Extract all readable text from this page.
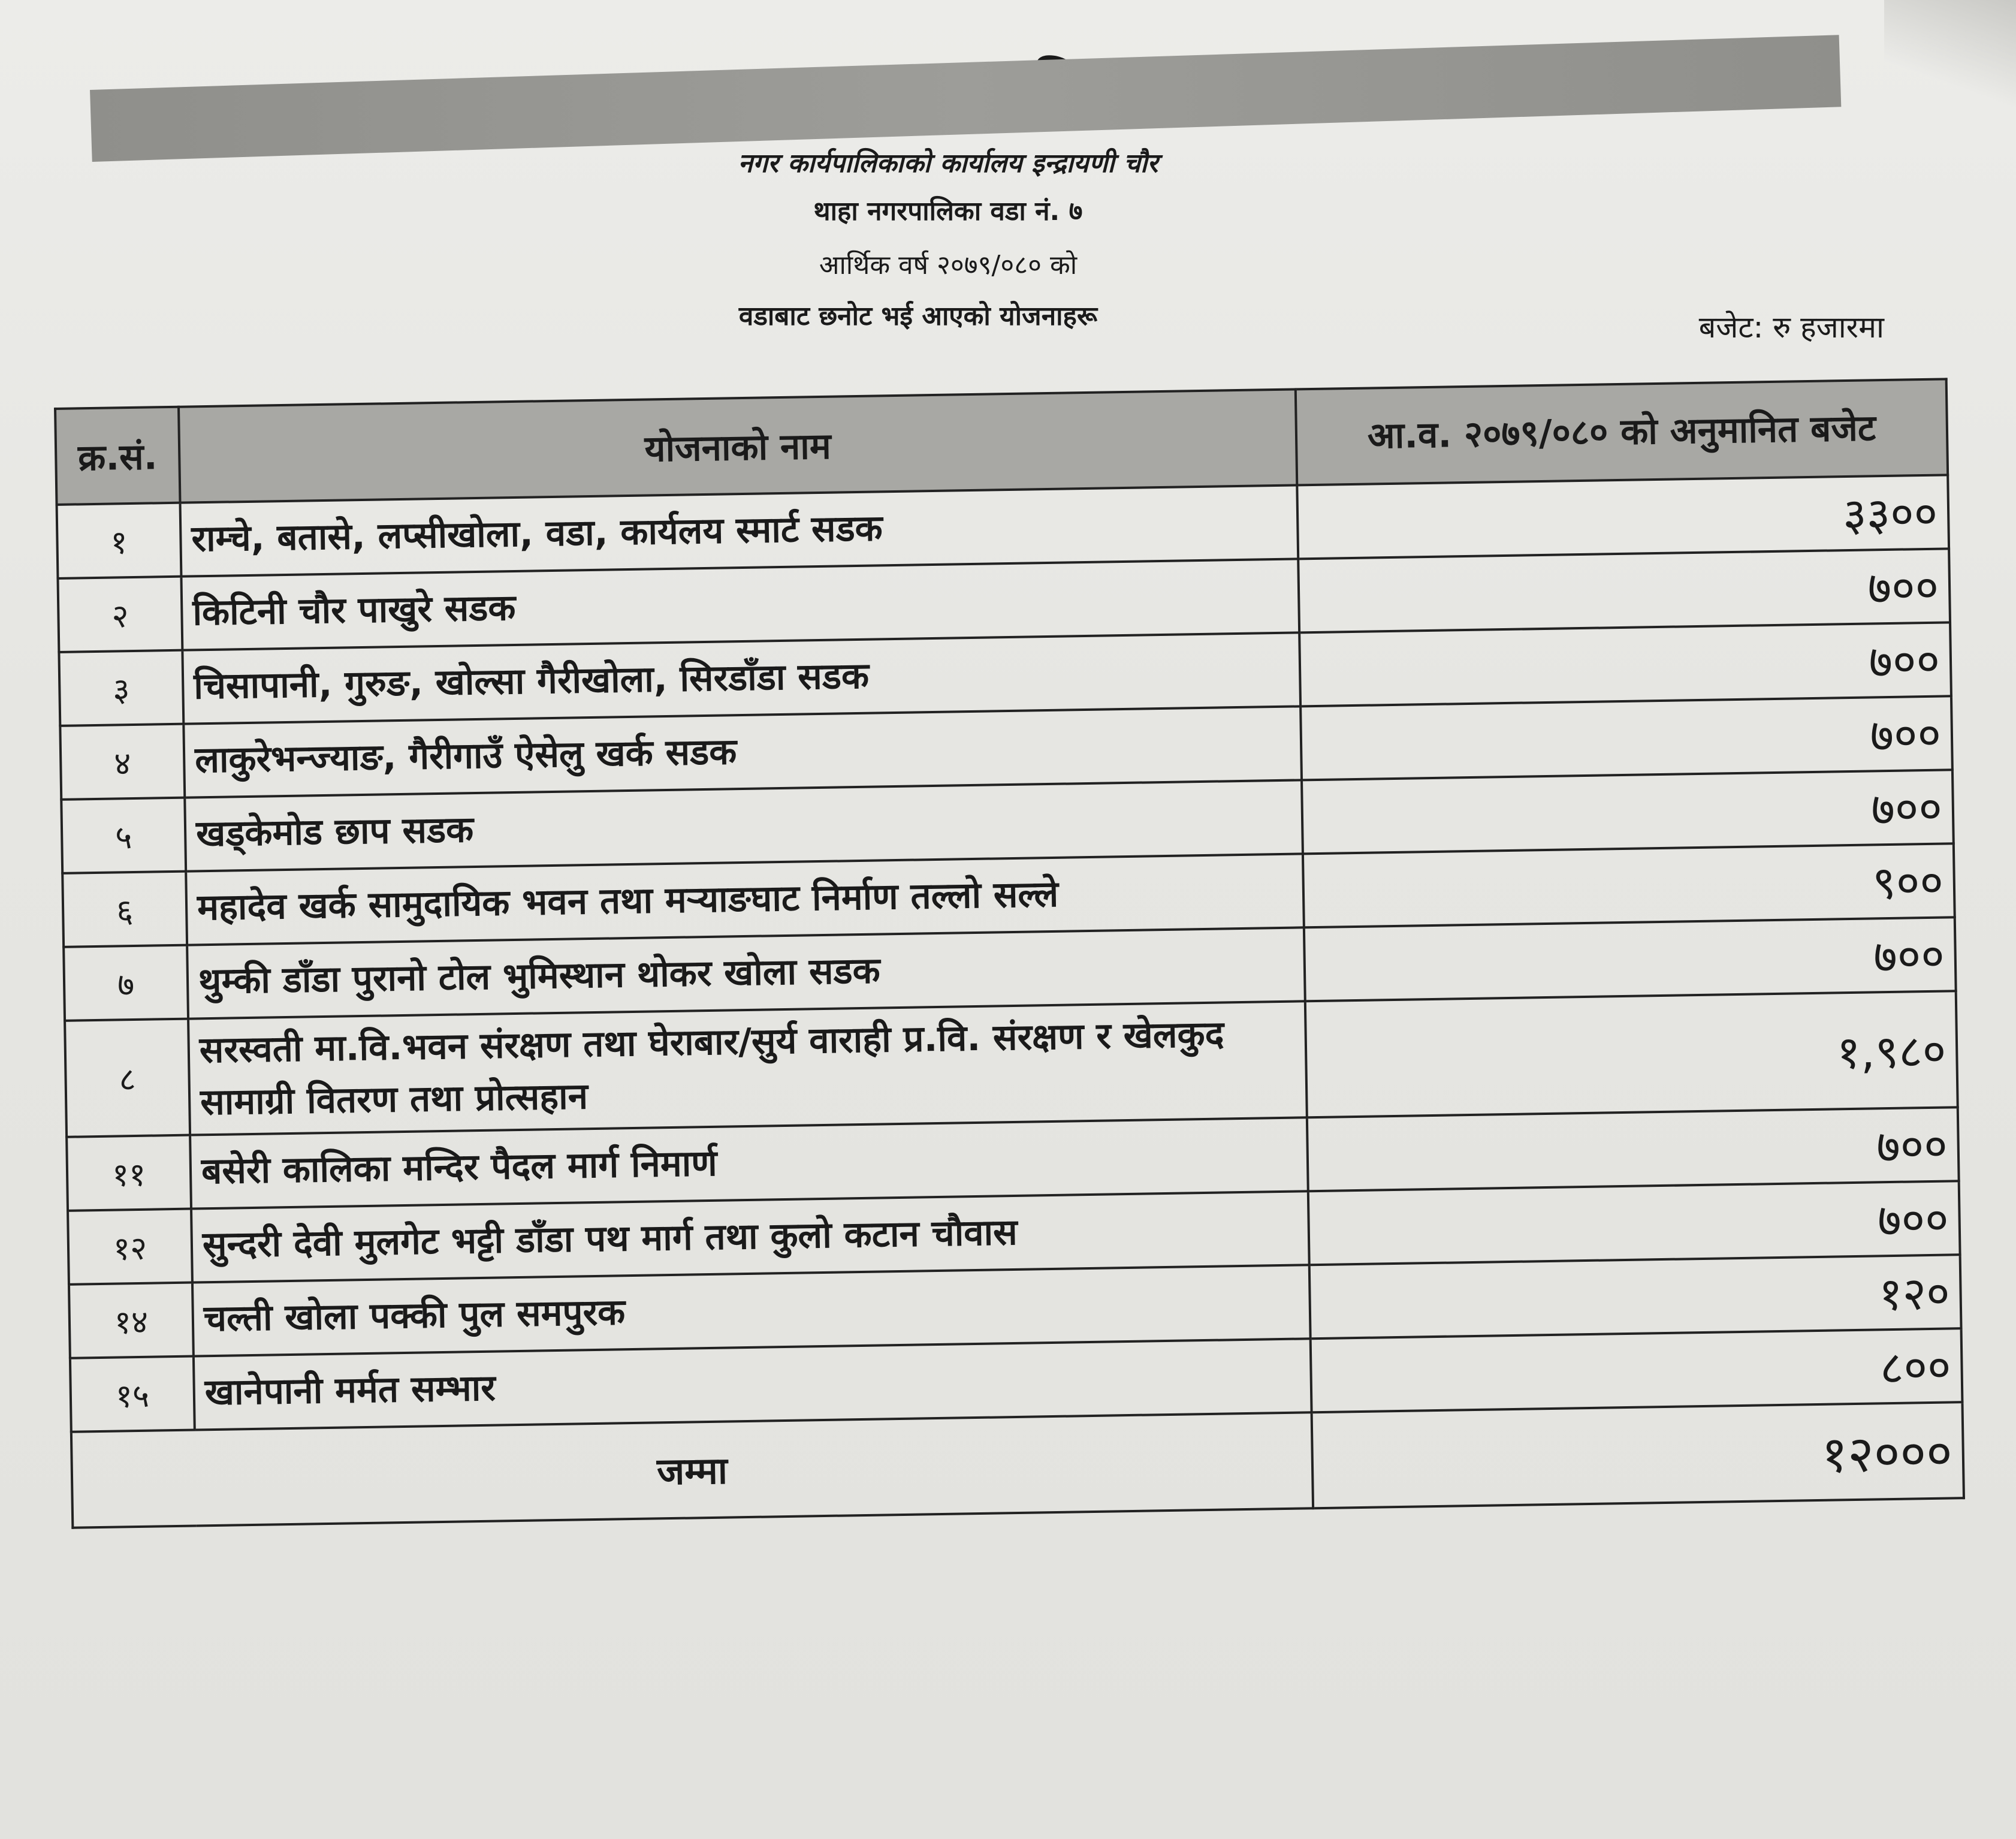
नगर कार्यपालिकाको कार्यालय इन्द्रायणी चौर
थाहा नगरपालिका वडा नं. ७
आर्थिक वर्ष २०७९/०८० को
वडाबाट छनोट भई आएको योजनाहरू	बजेट: रु हजारमा
क्र.सं.	योजनाको नाम	आ.व. २०७९/०८० को अनुमानित बजेट
१	राम्चे, बतासे, लप्सीखोला, वडा, कार्यलय स्मार्ट सडक	३३००
२	किटिनी चौर पाखुरे सडक	७००
३	चिसापानी, गुरुङ, खोल्सा गैरीखोला, सिरडाँडा सडक	७००
४	लाकुरेभन्ज्याङ, गैरीगाउँ ऐसेलु खर्क सडक	७००
५	खड्केमोड छाप सडक	७००
६	महादेव खर्क सामुदायिक भवन तथा मर्‍याङघाट निर्माण तल्लो सल्ले	९००
७	थुम्की डाँडा पुरानो टोल भुमिस्थान थोकर खोला सडक	७००
८	सरस्वती मा.वि.भवन संरक्षण तथा घेराबार/सुर्य वाराही प्र.वि. संरक्षण र खेलकुद सामाग्री वितरण तथा प्रोत्सहान	१,९८०
११	बसेरी कालिका मन्दिर पैदल मार्ग निमार्ण	७००
१२	सुन्दरी देवी मुलगेट भट्टी डाँडा पथ मार्ग तथा कुलो कटान चौवास	७००
१४	चल्ती खोला पक्की पुल समपुरक	१२०
१५	खानेपानी मर्मत सम्भार	८००
जम्मा		१२०००
